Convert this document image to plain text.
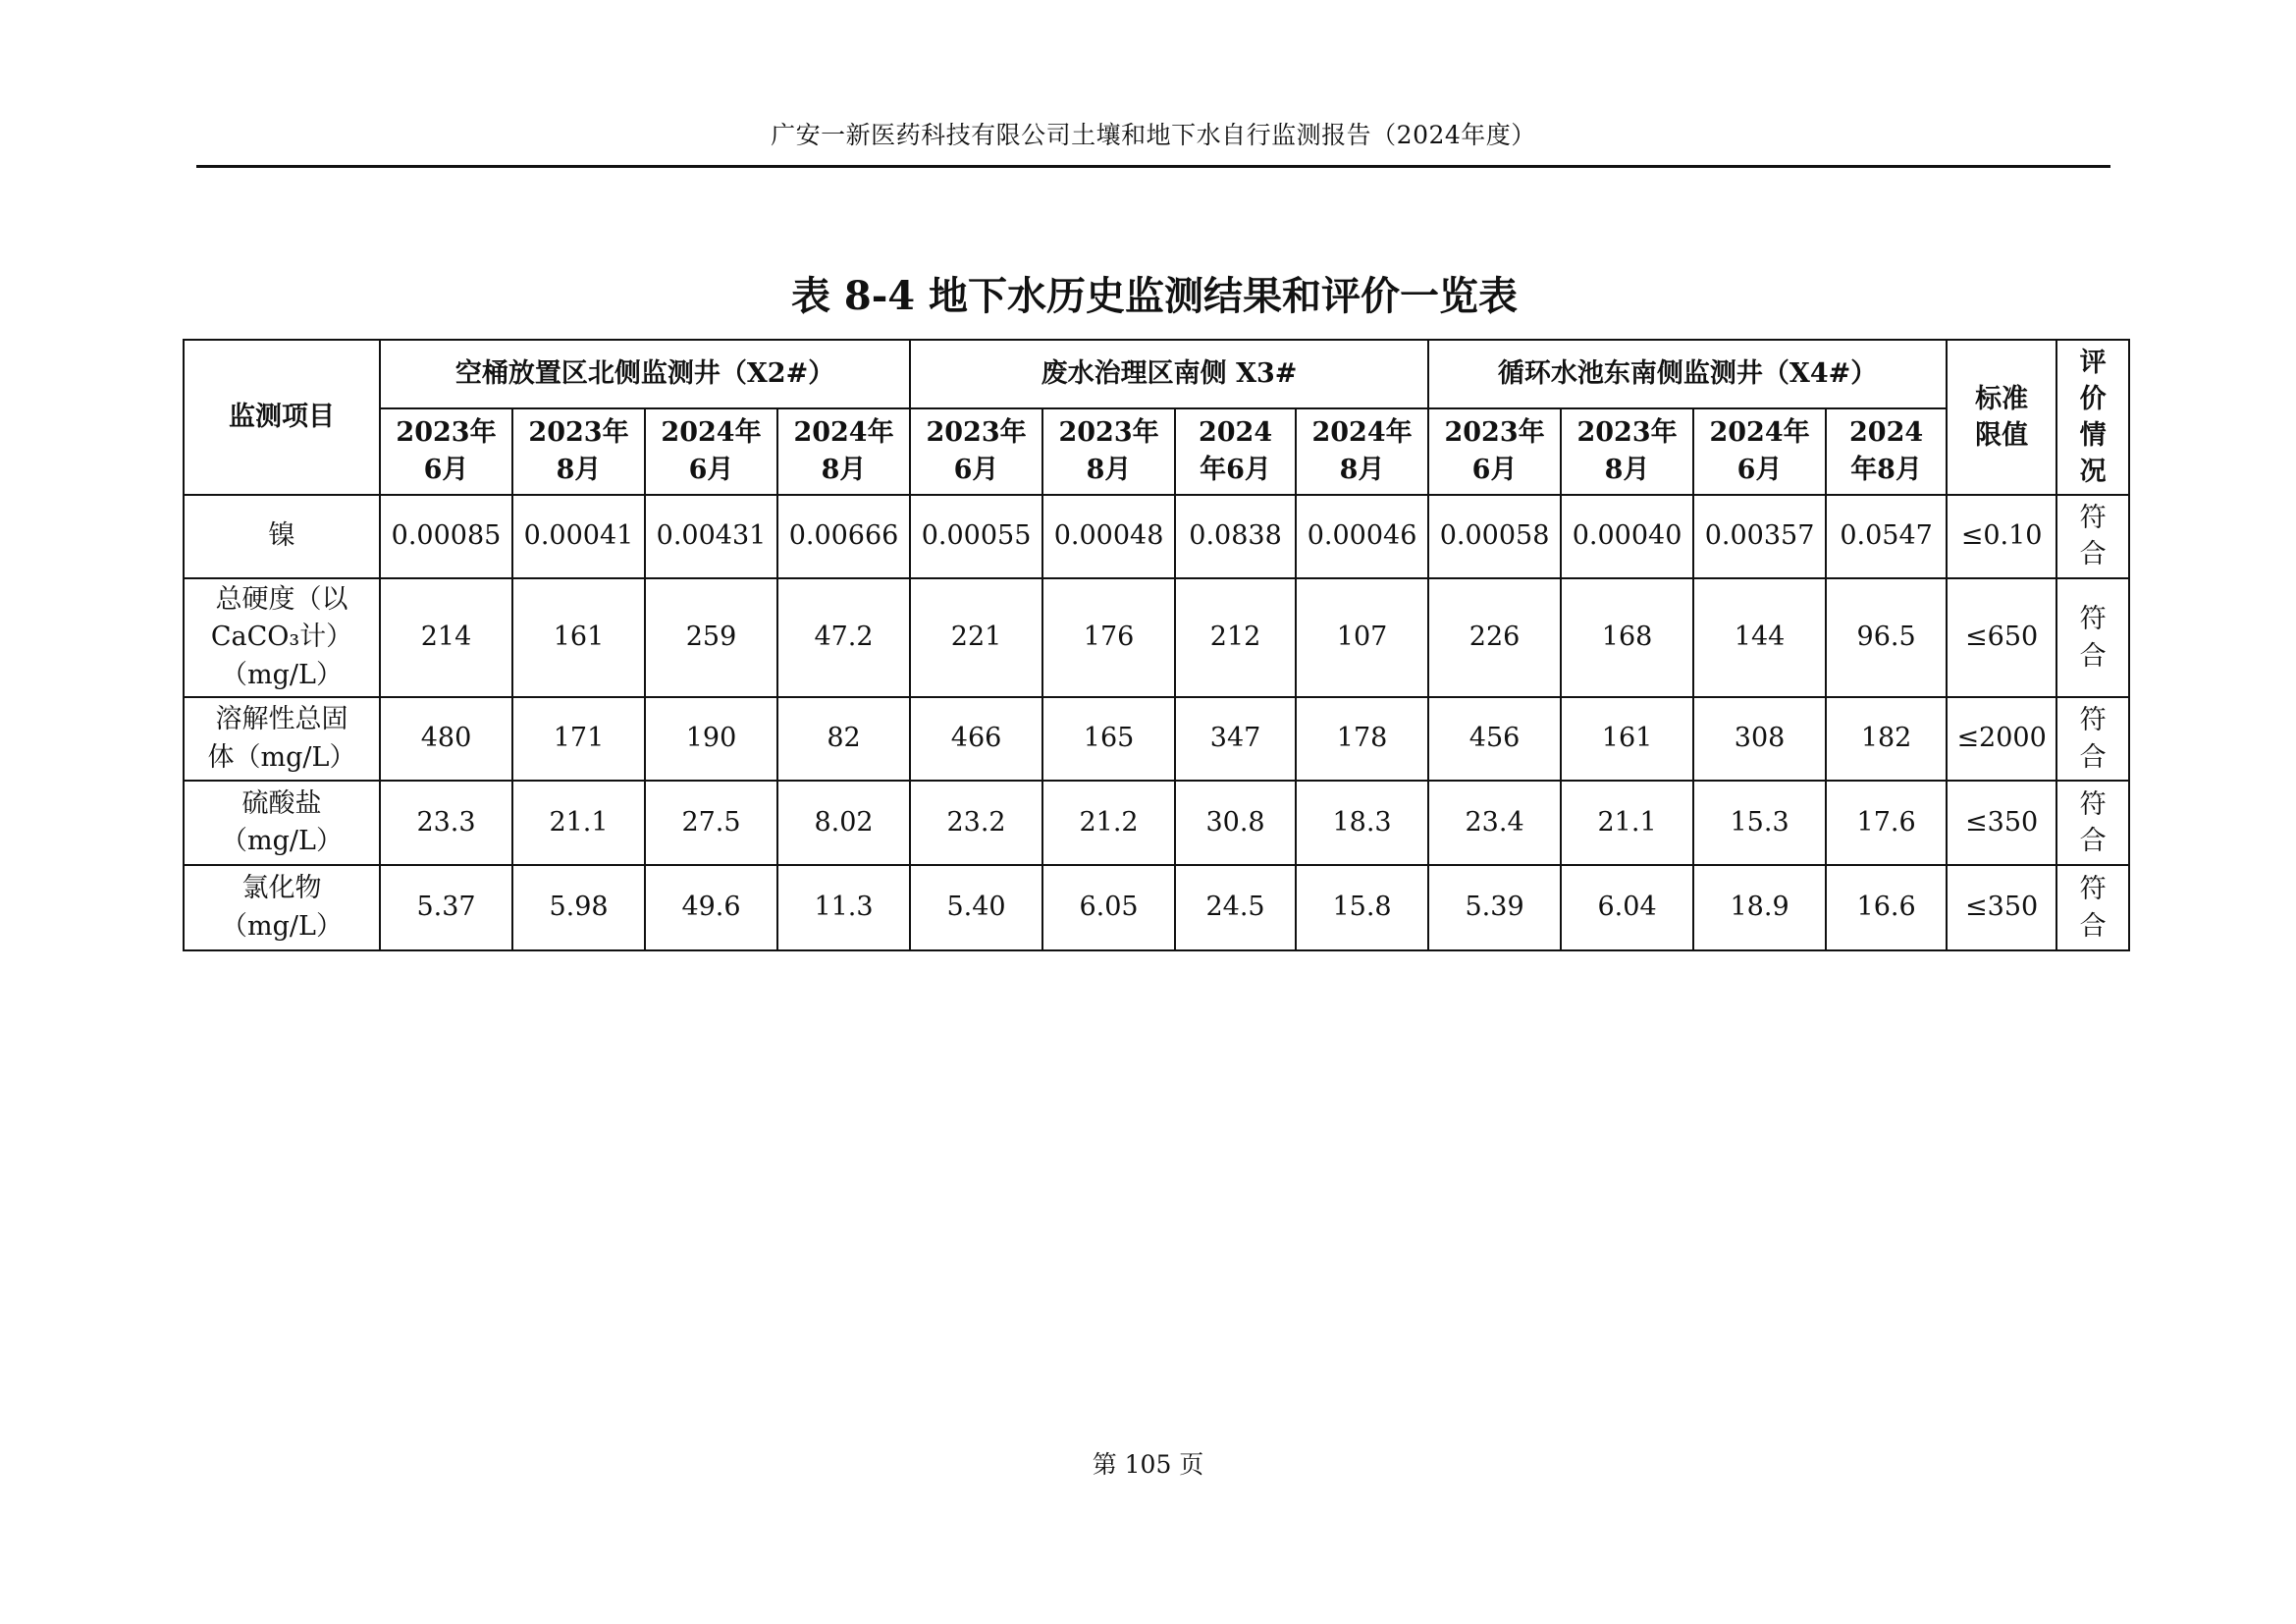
广安一新医药科技有限公司土壤和地下水自行监测报告（2024年度）
表 8-4 地下水历史监测结果和评价一览表
监测项目	空桶放置区北侧监测井（X2#）				废水治理区南侧 X3#				循环水池东南侧监测井（X4#）				标准
限值	评
价
情
况

	2023年
6月	2023年
8月	2024年
6月	2024年
8月	2023年
6月	2023年
8月	2024
年6月	2024年
8月	2023年
6月	2023年
8月	2024年
6月	2024
年8月		

镍	0.00085	0.00041	0.00431	0.00666	0.00055	0.00048	0.0838	0.00046	0.00058	0.00040	0.00357	0.0547	≤0.10	符
合

总硬度（以
CaCO₃计）
（mg/L）	214	161	259	47.2	221	176	212	107	226	168	144	96.5	≤650	符
合

溶解性总固
体（mg/L）	480	171	190	82	466	165	347	178	456	161	308	182	≤2000	符
合

硫酸盐
（mg/L）	23.3	21.1	27.5	8.02	23.2	21.2	30.8	18.3	23.4	21.1	15.3	17.6	≤350	符
合

氯化物
（mg/L）	5.37	5.98	49.6	11.3	5.40	6.05	24.5	15.8	5.39	6.04	18.9	16.6	≤350	符
合
第 105 页
